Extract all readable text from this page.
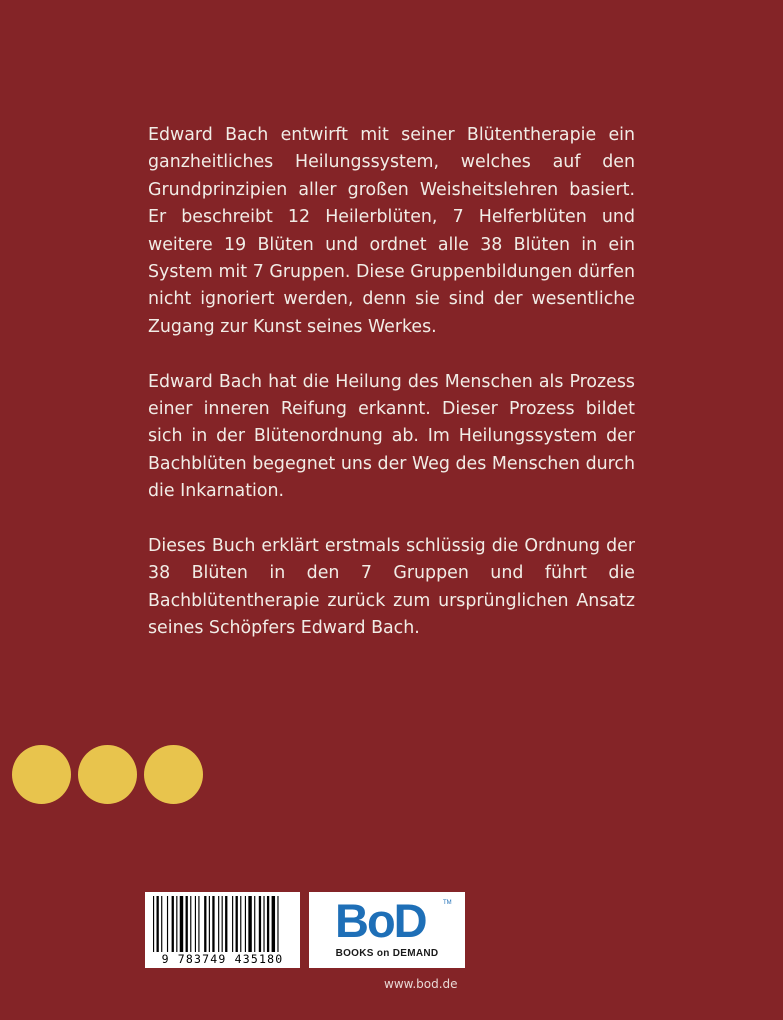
Edward Bach entwirft mit seiner Blütentherapie ein ganzheitliches Heilungssystem, welches auf den Grundprinzipien aller großen Weisheitslehren basiert. Er beschreibt 12 Heilerblüten, 7 Helferblüten und weitere 19 Blüten und ordnet alle 38 Blüten in ein System mit 7 Gruppen. Diese Gruppenbildungen dürfen nicht ignoriert werden, denn sie sind der wesentliche Zugang zur Kunst seines Werkes.

Edward Bach hat die Heilung des Menschen als Prozess einer inneren Reifung erkannt. Dieser Prozess bildet sich in der Blütenordnung ab. Im Heilungssystem der Bachblüten begegnet uns der Weg des Menschen durch die Inkarnation.

Dieses Buch erklärt erstmals schlüssig die Ordnung der 38 Blüten in den 7 Gruppen und führt die Bachblütentherapie zurück zum ursprünglichen Ansatz seines Schöpfers Edward Bach.

9 783749 435180
BoD	TM
BOOKS on DEMAND
www.bod.de
